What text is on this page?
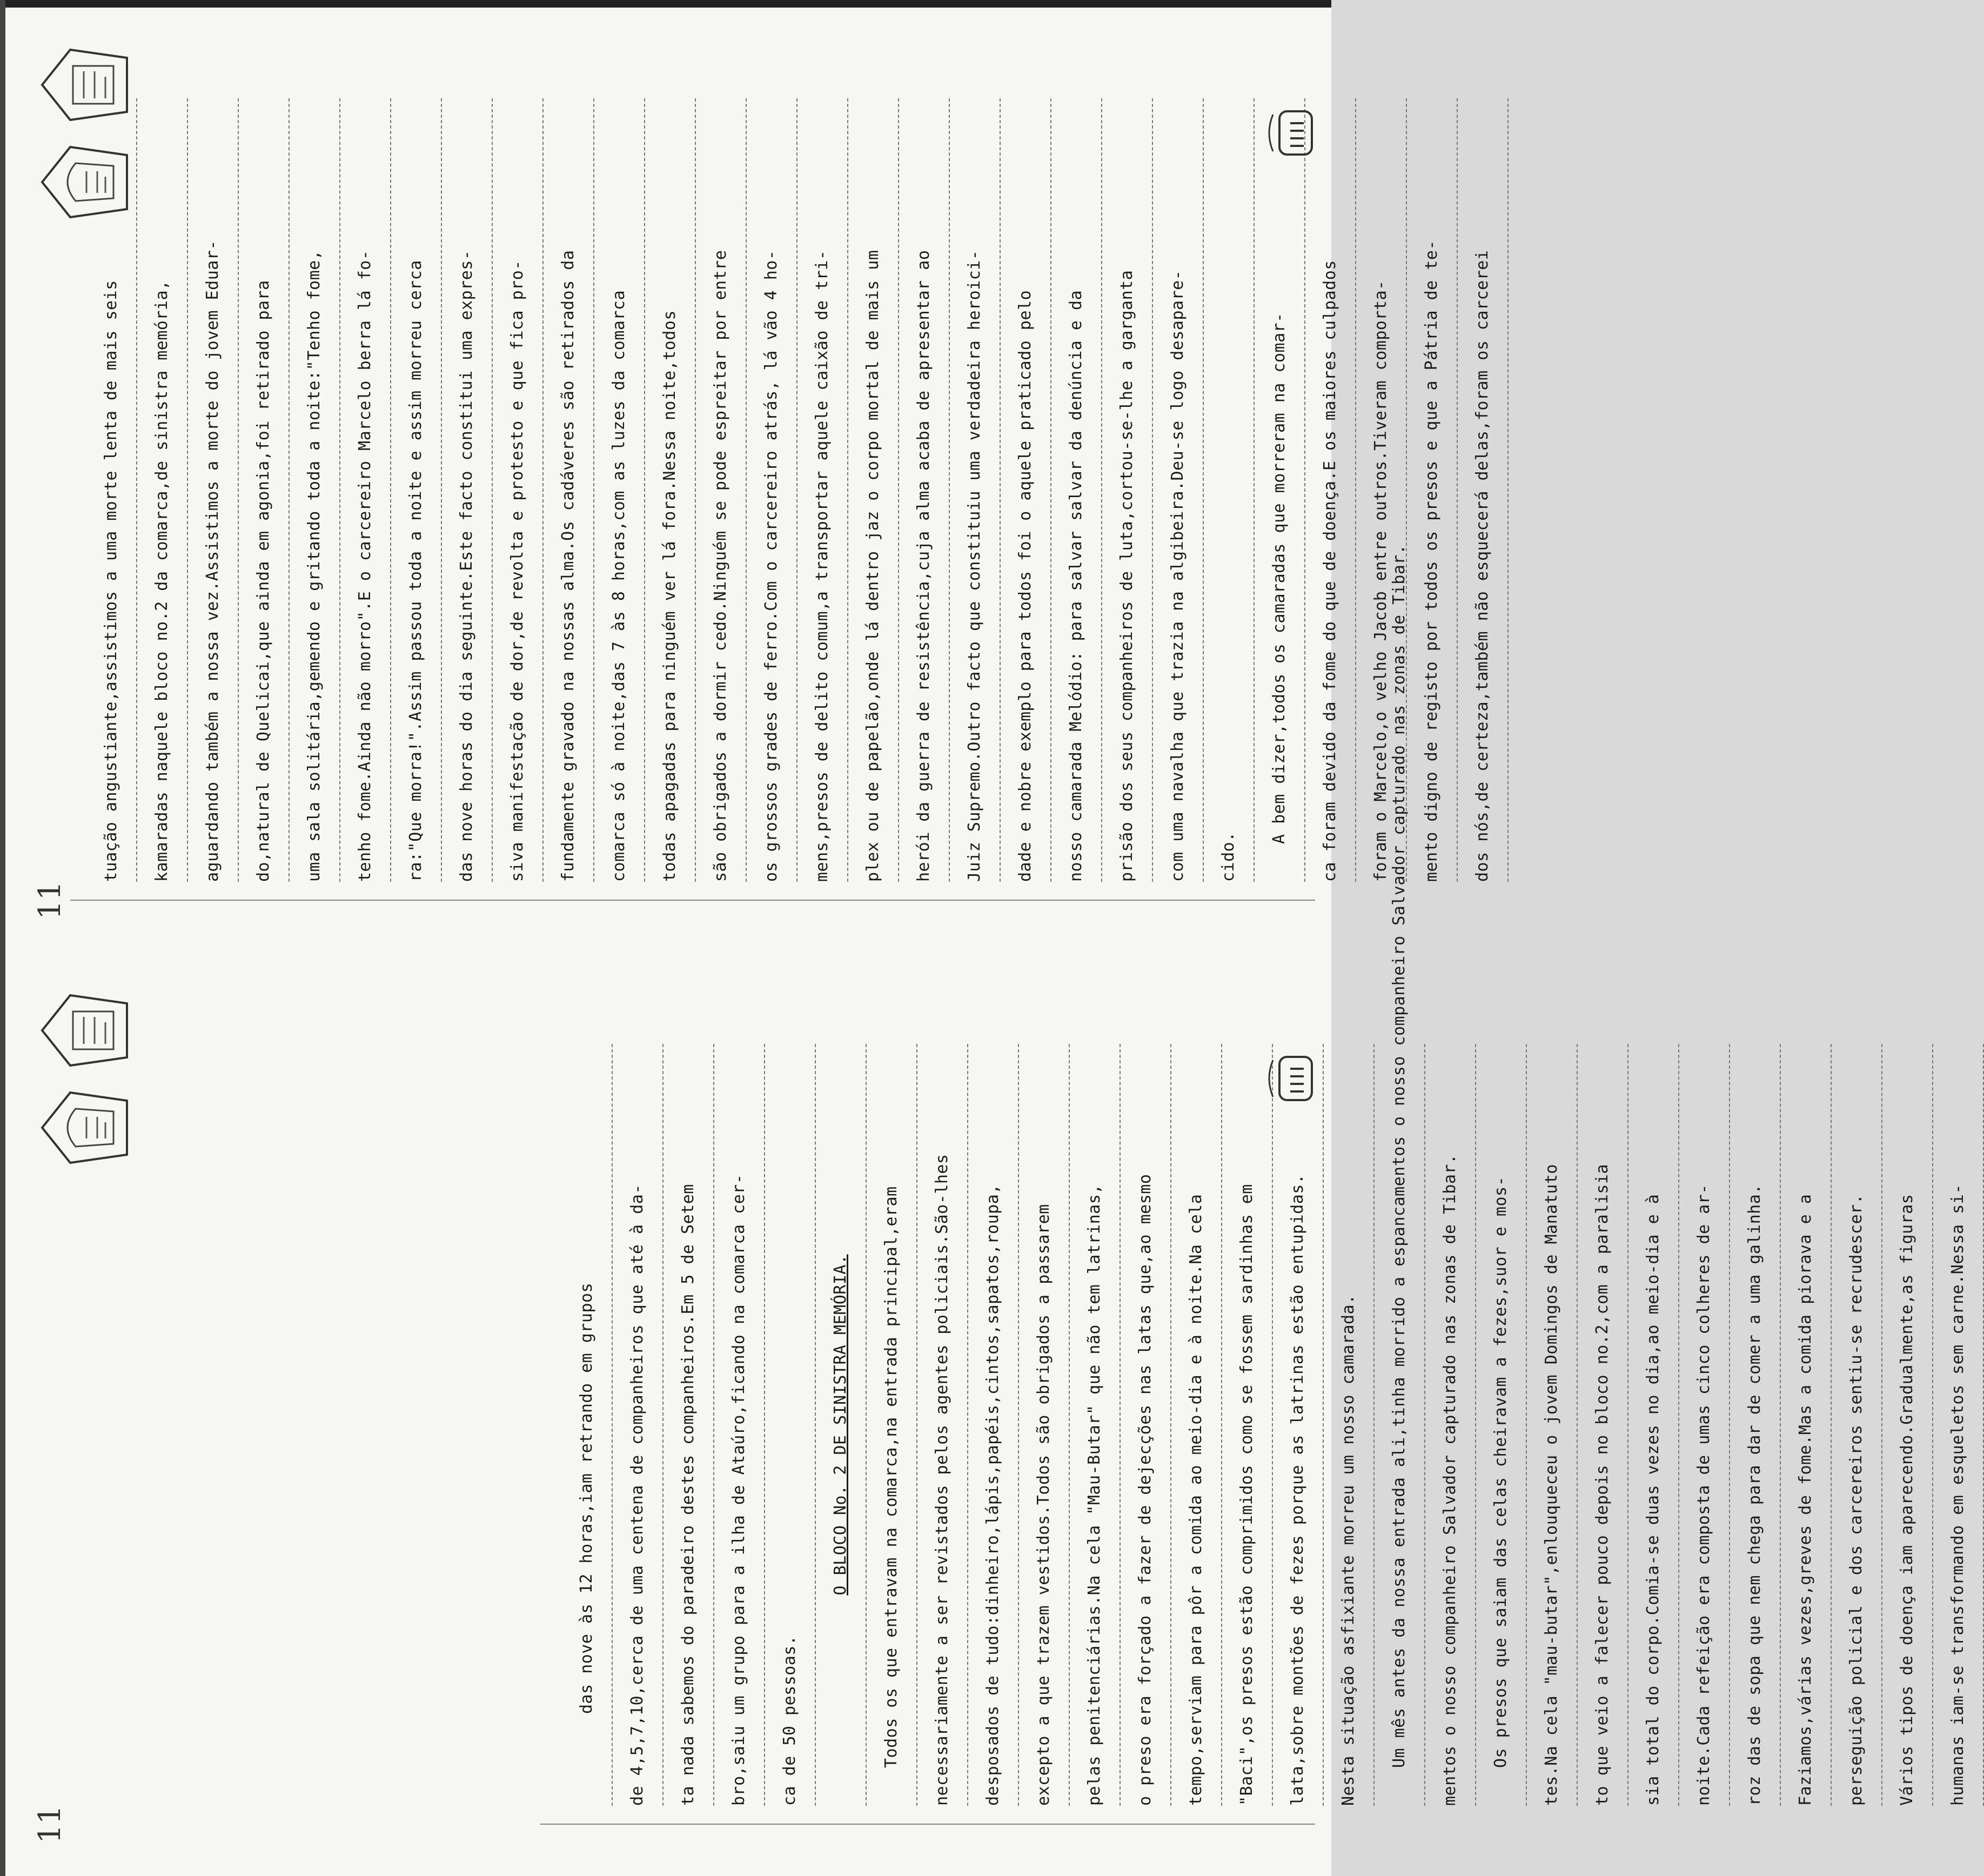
11
das nove às 12 horas,iam retrando em grupos	de 4,5,7,10,cerca de uma centena de companheiros que até à da-	ta nada sabemos do paradeiro destes companheiros.Em 5 de Setem	bro,saiu um grupo para a ilha de Ataúro,ficando na comarca cer-	ca de 50 pessoas.
O BLOCO No. 2 DE SINISTRA MEMÓRIA.	Todos os que entravam na comarca,na entrada principal,eram	necessariamente a ser revistados pelos agentes policiais.São-lhes	desposados de tudo:dinheiro,lápis,papéis,cintos,sapatos,roupa,	excepto a que trazem vestidos.Todos são obrigados a passarem	pelas penitenciárias.Na cela "Mau-Butar" que não tem latrinas,	o preso era forçado a fazer de dejecções nas latas que,ao mesmo	tempo,serviam para pôr a comida ao meio-dia e à noite.Na cela	"Baci",os presos estão comprimidos como se fossem sardinhas em	lata,sobre montões de fezes porque as latrinas estão entupidas.	Nesta situação asfixiante morreu um nosso camarada.	Um mês antes da nossa entrada ali,tinha morrido a espancamentos o nosso companheiro Salvador capturado nas zonas de Tibar.	mentos o nosso companheiro Salvador capturado nas zonas de Tibar.	Os presos que saiam das celas cheiravam a fezes,suor e mos-	tes.Na cela "mau-butar",enlouqueceu o jovem Domingos de Manatuto	to que veio a falecer pouco depois no bloco no.2,com a paralisia	sia total do corpo.Comia-se duas vezes no dia,ao meio-dia e à	noite.Cada refeição era composta de umas cinco colheres de ar-	roz das de sopa que nem chega para dar de comer a uma galinha.	Faziamos,várias vezes,greves de fome.Mas a comida piorava e a	perseguição policial e dos carcereiros sentiu-se recrudescer.	Vários tipos de doença iam aparecendo.Gradualmente,as figuras	humanas iam-se transformando em esqueletos sem carne.Nessa si-
11
tuação angustiante,assistimos a uma morte lenta de mais seis	kamaradas naquele bloco no.2 da comarca,de sinistra memória,	aguardando também a nossa vez.Assistimos a morte do jovem Eduar-	do,natural de Quelicai,que ainda em agonia,foi retirado para	uma sala solitária,gemendo e gritando toda a noite:"Tenho fome,	tenho fome.Ainda não morro".E o carcereiro Marcelo berra lá fo-	ra:"Que morra!".Assim passou toda a noite e assim morreu cerca	das nove horas do dia seguinte.Este facto constitui uma expres-	siva manifestação de dor,de revolta e protesto e que fica pro-	fundamente gravado na nossas alma.Os cadáveres são retirados da	comarca só à noite,das 7 às 8 horas,com as luzes da comarca	todas apagadas para ninguém ver lá fora.Nessa noite,todos	são obrigados a dormir cedo.Ninguém se pode espreitar por entre	os grossos grades de ferro.Com o carcereiro atrás, lá vão 4 ho-	mens,presos de delito comum,a transportar aquele caixão de tri-	plex ou de papelão,onde lá dentro jaz o corpo mortal de mais um	herói da guerra de resistência,cuja alma acaba de apresentar ao	Juiz Supremo.Outro facto que constituiu uma verdadeira heroici-	dade e nobre exemplo para todos foi o aquele praticado pelo	nosso camarada Melódio: para salvar salvar da denúncia e da	prisão dos seus companheiros de luta,cortou-se-lhe a garganta	com uma navalha que trazia na algibeira.Deu-se logo desapare-	cido.
A bem dizer,todos os camaradas que morreram na comar-	ca foram devido da fome do que de doença.E os maiores culpados	foram o Marcelo,o velho Jacob entre outros.Tiveram comporta-	mento digno de registo por todos os presos e que a Pátria de te-	dos nós,de certeza,também não esquecerá delas,foram os carcerei
